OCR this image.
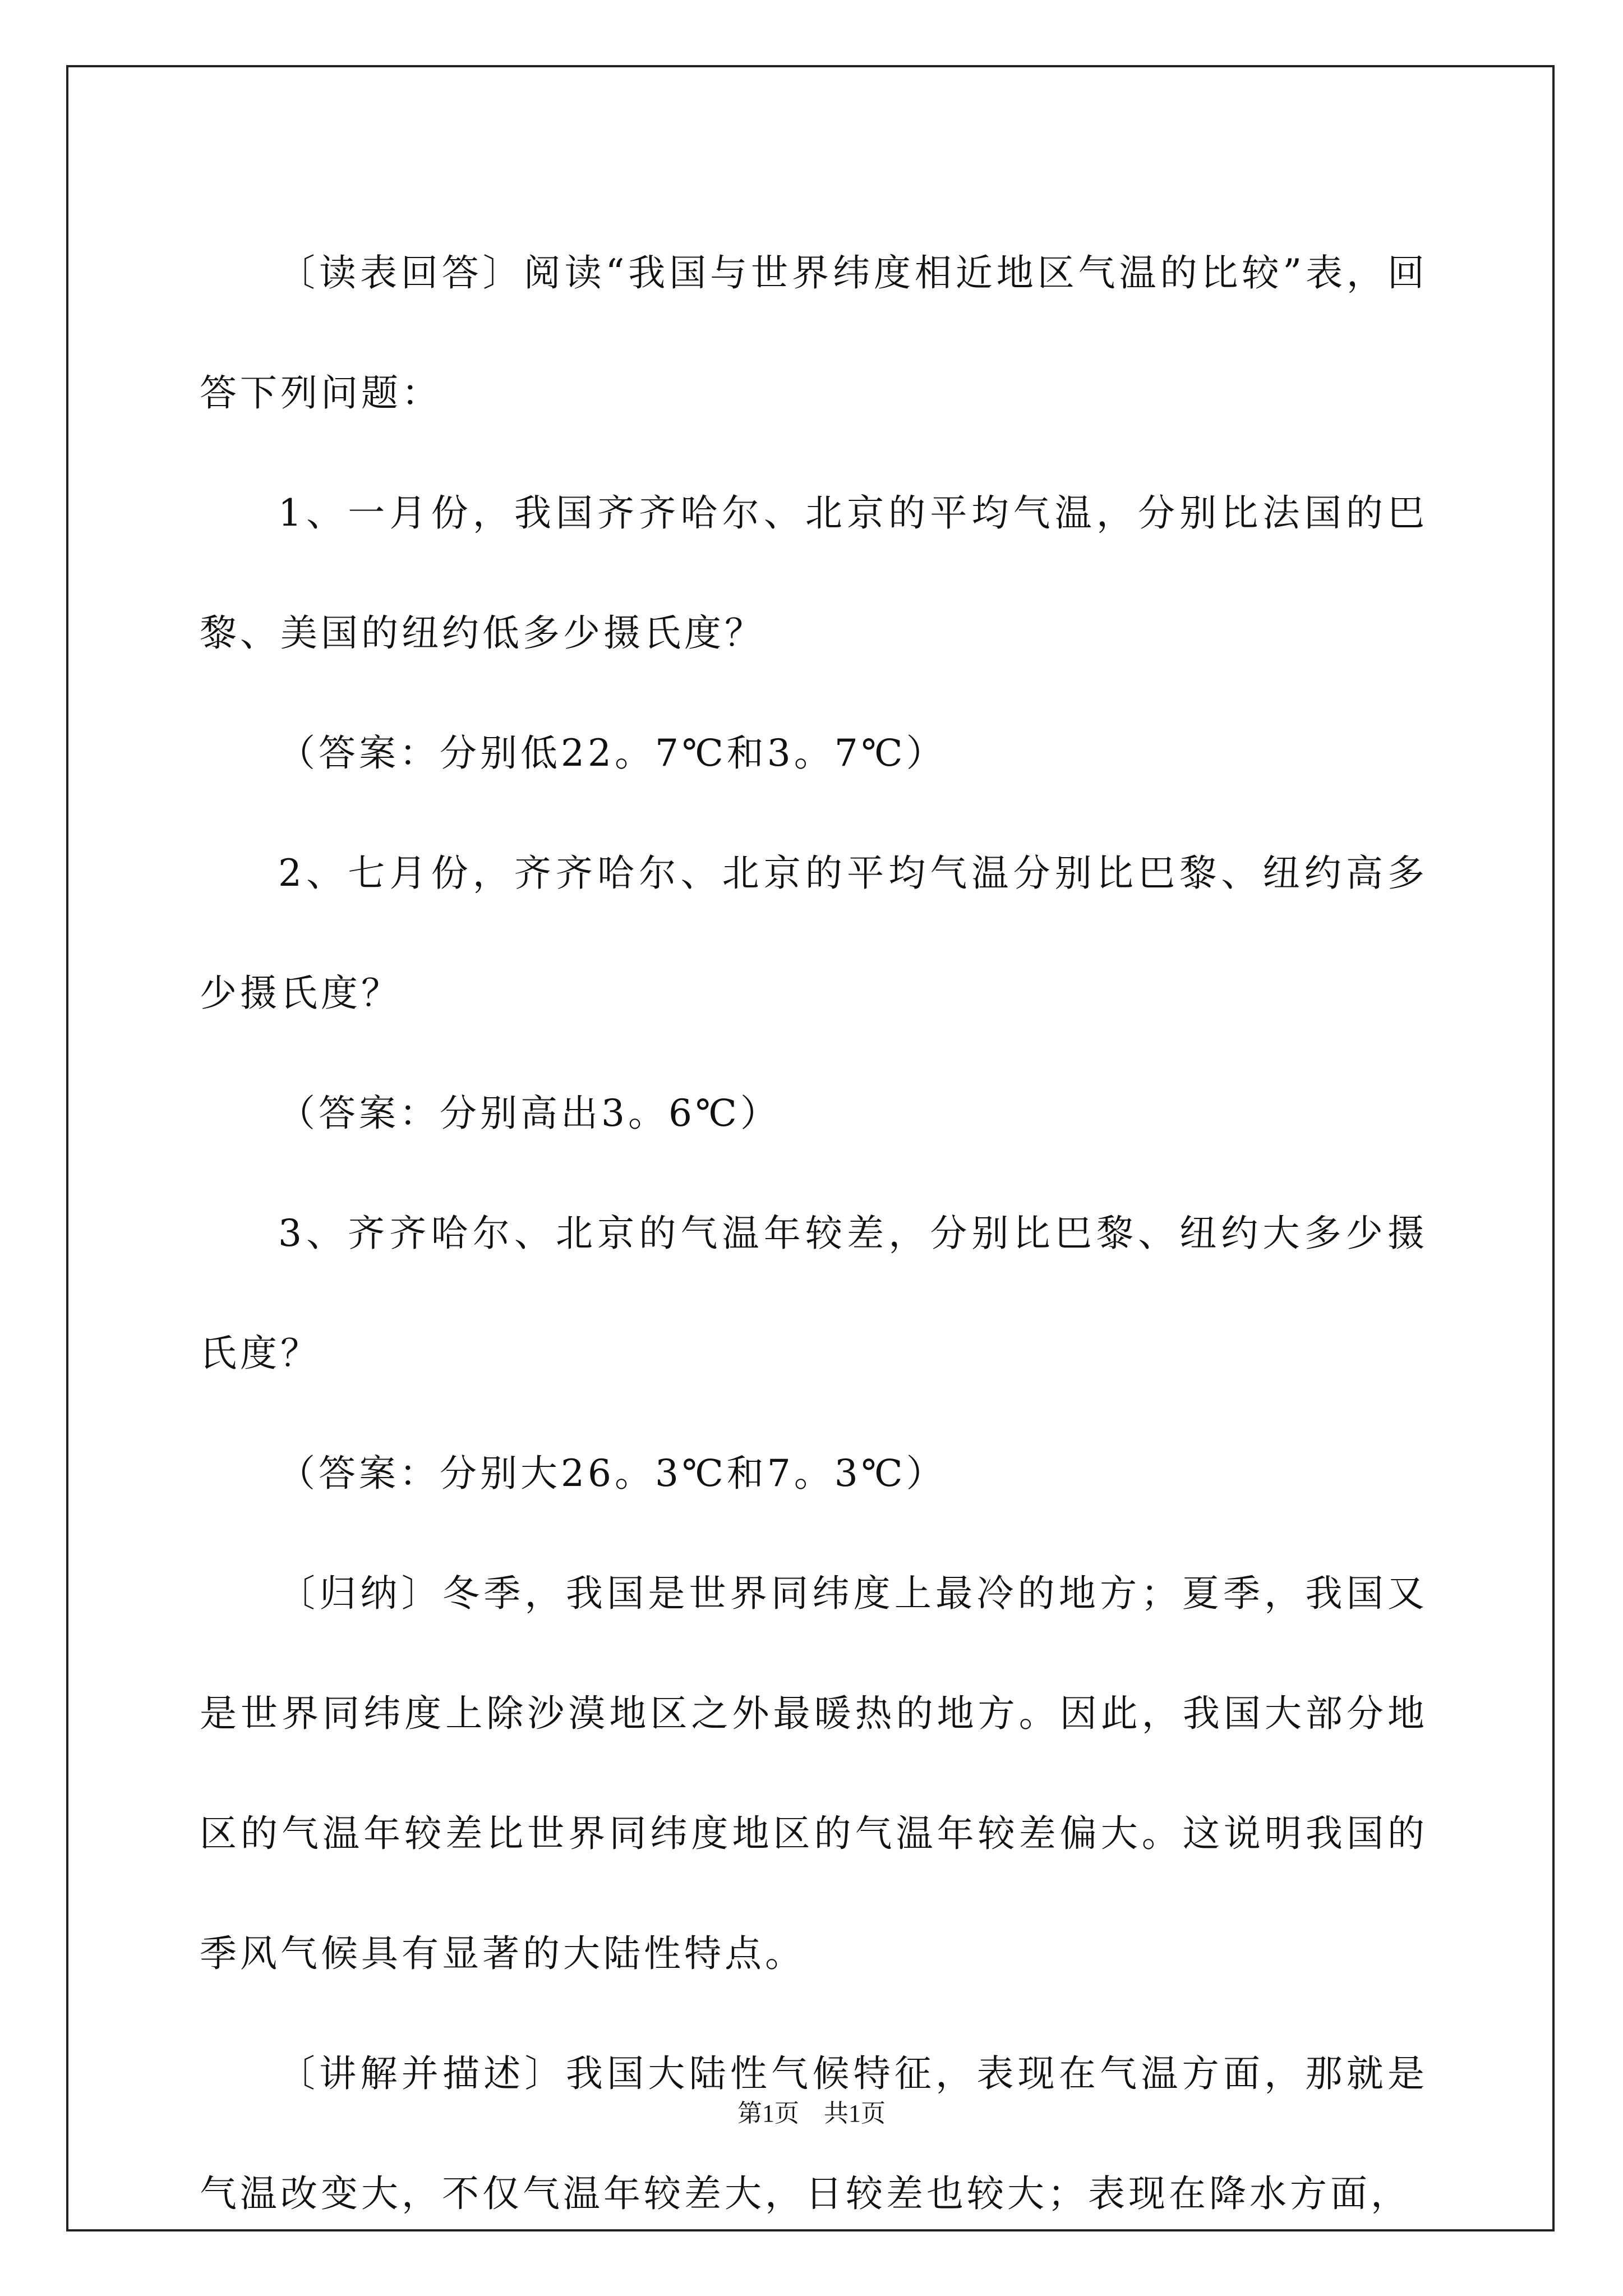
〔读表回答〕阅读“我国与世界纬度相近地区气温的比较”表，回答下列问题：

1、一月份，我国齐齐哈尔、北京的平均气温，分别比法国的巴黎、美国的纽约低多少摄氏度？

（答案：分别低22。7℃和3。7℃）

2、七月份，齐齐哈尔、北京的平均气温分别比巴黎、纽约高多少摄氏度？

（答案：分别高出3。6℃）

3、齐齐哈尔、北京的气温年较差，分别比巴黎、纽约大多少摄氏度？

（答案：分别大26。3℃和7。3℃）

〔归纳〕冬季，我国是世界同纬度上最冷的地方；夏季，我国又是世界同纬度上除沙漠地区之外最暖热的地方。因此，我国大部分地区的气温年较差比世界同纬度地区的气温年较差偏大。这说明我国的季风气候具有显著的大陆性特点。

〔讲解并描述〕我国大陆性气候特征，表现在气温方面，那就是气温改变大，不仅气温年较差大，日较差也较大；表现在降水方面，

第1页 共1页
